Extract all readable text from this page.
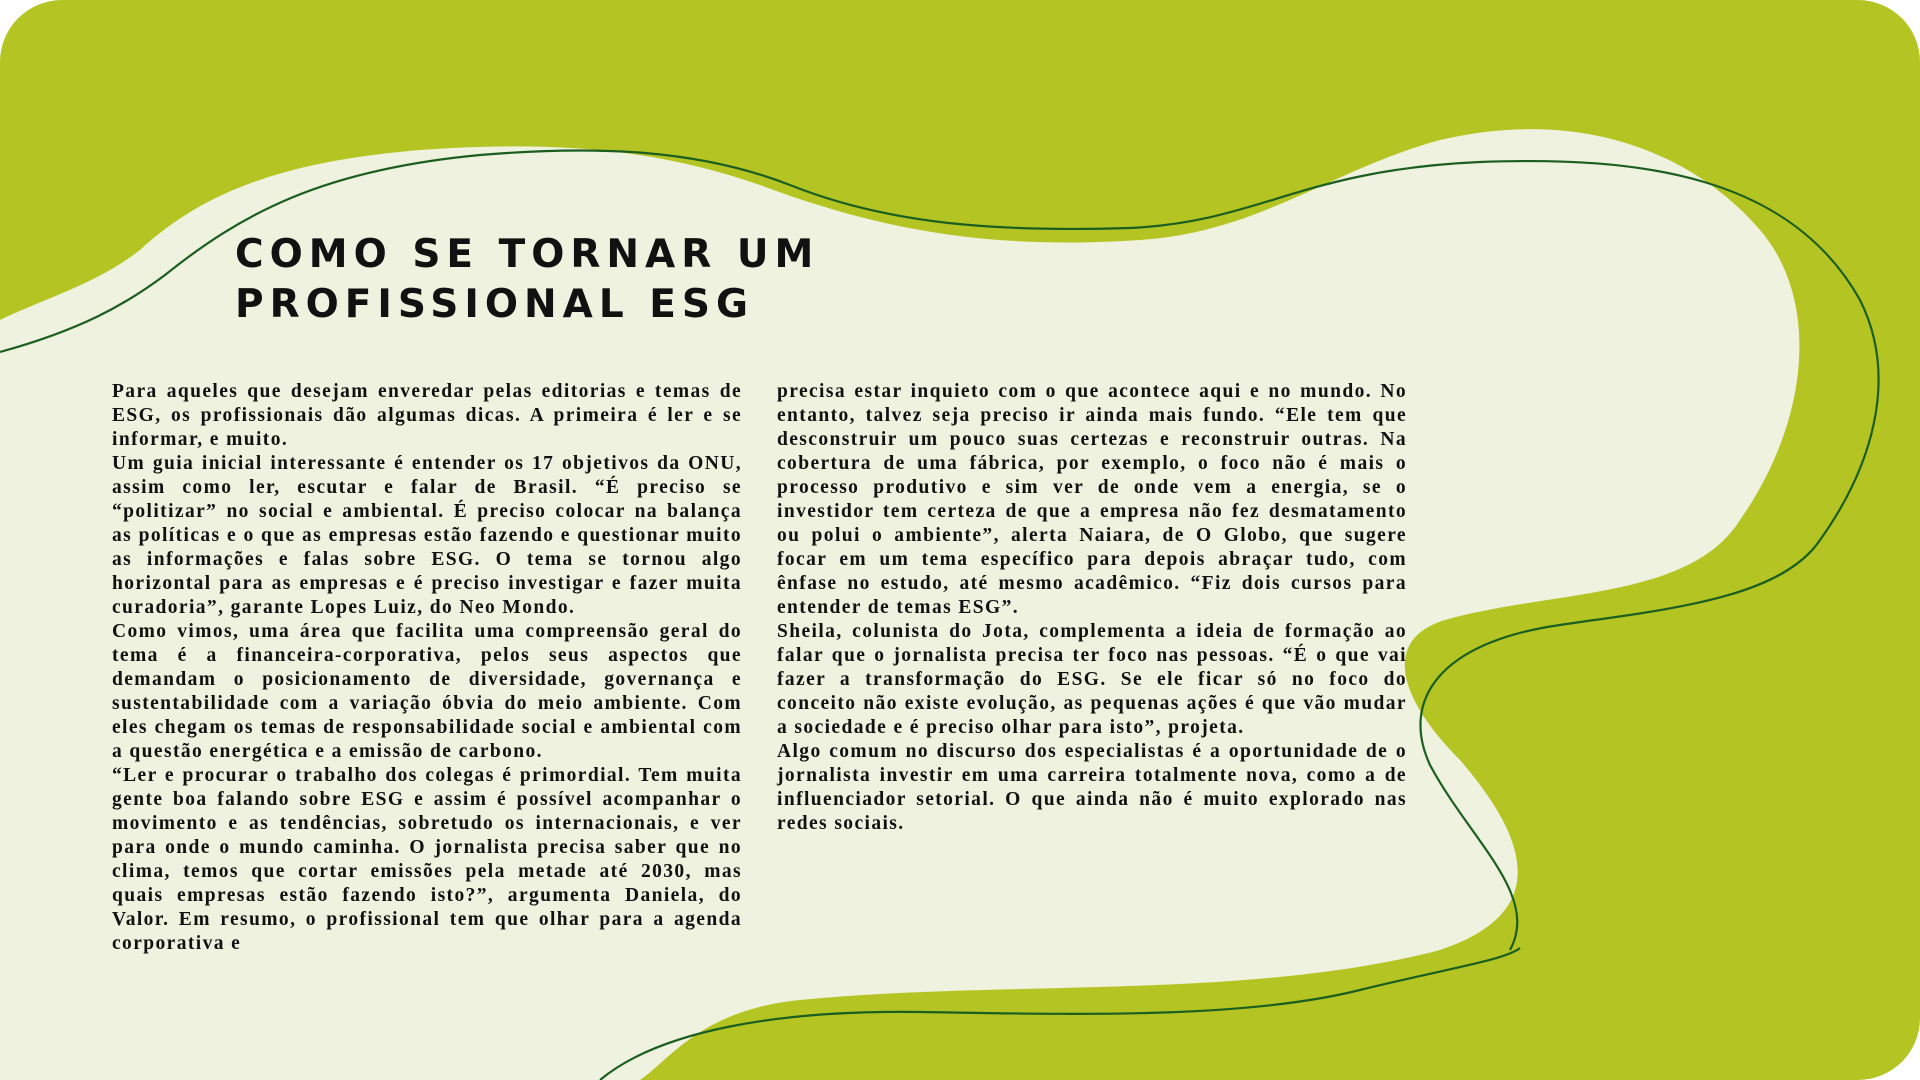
COMO SE TORNAR UM
PROFISSIONAL ESG

Para aqueles que desejam enveredar pelas editorias e temas de ESG, os profissionais dão algumas dicas. A primeira é ler e se informar, e muito.

Um guia inicial interessante é entender os 17 objetivos da ONU, assim como ler, escutar e falar de Brasil. “É preciso se “politizar” no social e ambiental. É preciso colocar na balança as políticas e o que as empresas estão fazendo e questionar muito as informações e falas sobre ESG. O tema se tornou algo horizontal para as empresas e é preciso investigar e fazer muita curadoria”, garante Lopes Luiz, do Neo Mondo.

Como vimos, uma área que facilita uma compreensão geral do tema é a financeira-corporativa, pelos seus aspectos que demandam o posicionamento de diversidade, governança e sustentabilidade com a variação óbvia do meio ambiente. Com eles chegam os temas de responsabilidade social e ambiental com a questão energética e a emissão de carbono.

“Ler e procurar o trabalho dos colegas é primordial. Tem muita gente boa falando sobre ESG e assim é possível acompanhar o movimento e as tendências, sobretudo os internacionais, e ver para onde o mundo caminha. O jornalista precisa saber que no clima, temos que cortar emissões pela metade até 2030, mas quais empresas estão fazendo isto?”, argumenta Daniela, do Valor. Em resumo, o profissional tem que olhar para a agenda corporativa e

precisa estar inquieto com o que acontece aqui e no mundo. No entanto, talvez seja preciso ir ainda mais fundo. “Ele tem que desconstruir um pouco suas certezas e reconstruir outras. Na cobertura de uma fábrica, por exemplo, o foco não é mais o processo produtivo e sim ver de onde vem a energia, se o investidor tem certeza de que a empresa não fez desmatamento ou polui o ambiente”, alerta Naiara, de O Globo, que sugere focar em um tema específico para depois abraçar tudo, com ênfase no estudo, até mesmo acadêmico. “Fiz dois cursos para entender de temas ESG”.

Sheila, colunista do Jota, complementa a ideia de formação ao falar que o jornalista precisa ter foco nas pessoas. “É o que vai fazer a transformação do ESG. Se ele ficar só no foco do conceito não existe evolução, as pequenas ações é que vão mudar a sociedade e é preciso olhar para isto”, projeta.

Algo comum no discurso dos especialistas é a oportunidade de o jornalista investir em uma carreira totalmente nova, como a de influenciador setorial. O que ainda não é muito explorado nas redes sociais.
